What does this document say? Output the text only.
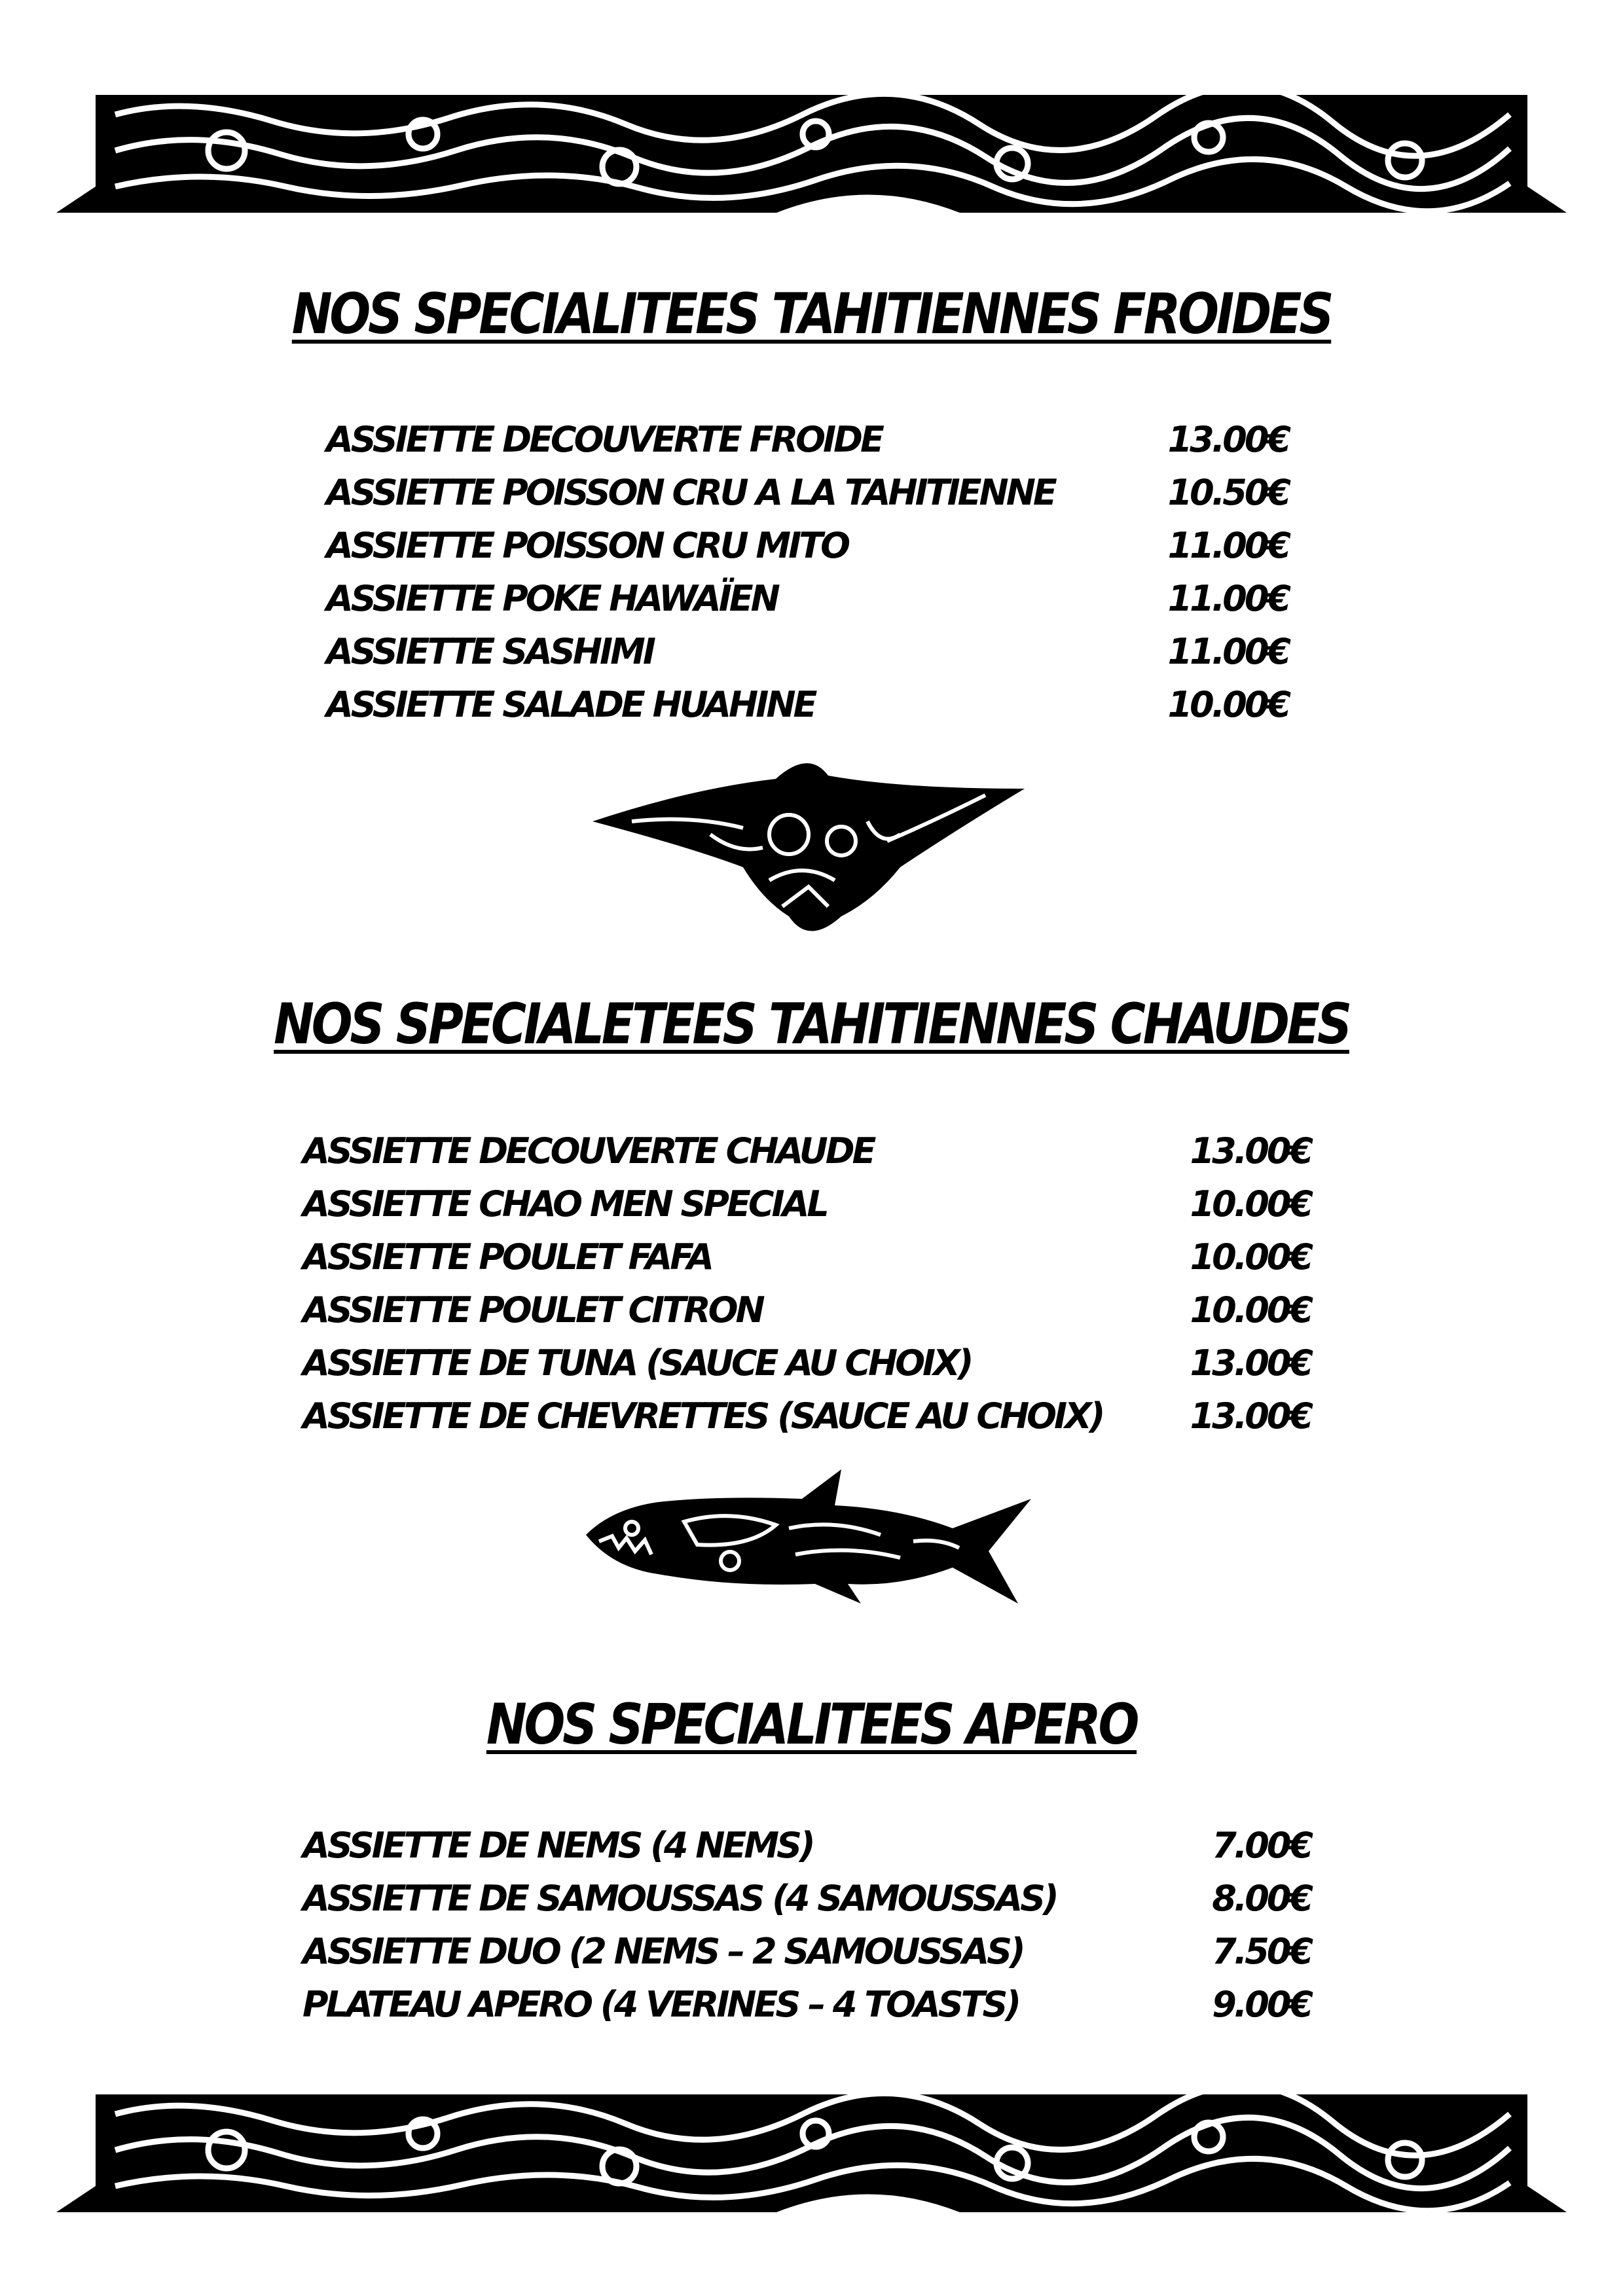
NOS SPECIALITEES TAHITIENNES FROIDES
ASSIETTE DECOUVERTE FROIDE	13.00€
ASSIETTE POISSON CRU A LA TAHITIENNE	10.50€
ASSIETTE POISSON CRU MITO	11.00€
ASSIETTE POKE HAWAÏEN	11.00€
ASSIETTE SASHIMI	11.00€
ASSIETTE SALADE HUAHINE	10.00€
NOS SPECIALETEES TAHITIENNES CHAUDES
ASSIETTE DECOUVERTE CHAUDE	13.00€
ASSIETTE CHAO MEN SPECIAL	10.00€
ASSIETTE POULET FAFA	10.00€
ASSIETTE POULET CITRON	10.00€
ASSIETTE DE TUNA (SAUCE AU CHOIX)	13.00€
ASSIETTE DE CHEVRETTES (SAUCE AU CHOIX) 13.00€
NOS SPECIALITEES APERO
ASSIETTE DE NEMS (4 NEMS)	7.00€
ASSIETTE DE SAMOUSSAS (4 SAMOUSSAS)	8.00€
ASSIETTE DUO (2 NEMS – 2 SAMOUSSAS)	7.50€
PLATEAU APERO (4 VERINES – 4 TOASTS)	9.00€
